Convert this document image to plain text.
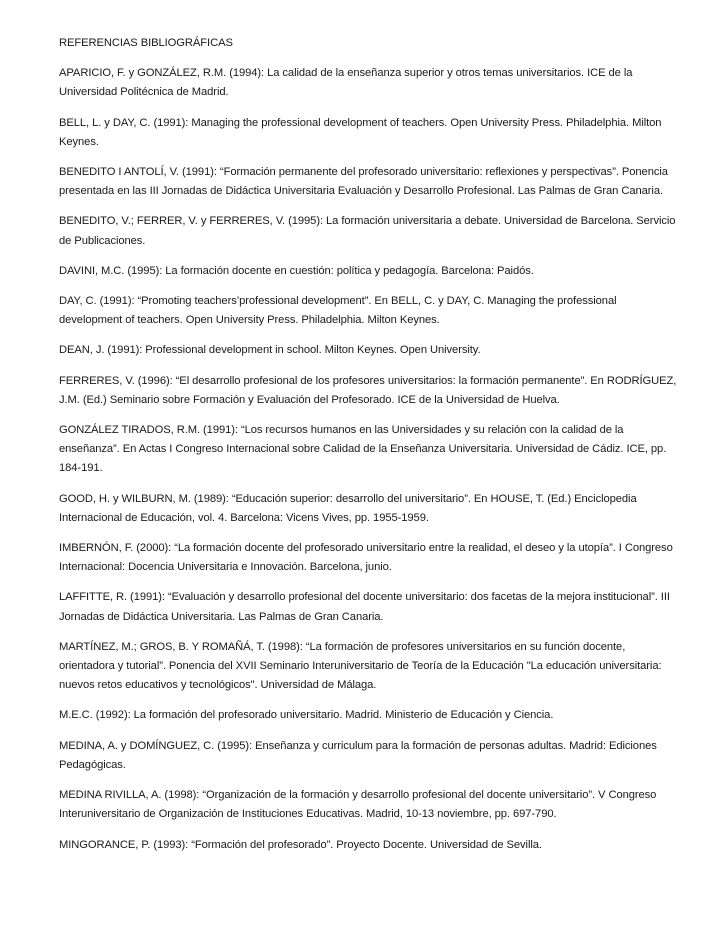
REFERENCIAS BIBLIOGRÁFICAS

APARICIO, F. y GONZÁLEZ, R.M. (1994): La calidad de la enseñanza superior y otros temas universitarios. ICE de la Universidad Politécnica de Madrid.

BELL, L. y DAY, C. (1991): Managing the professional development of teachers. Open University Press. Philadelphia. Milton Keynes.

BENEDITO I ANTOLÍ, V. (1991): “Formación permanente del profesorado universitario: reflexiones y perspectivas”. Ponencia presentada en las III Jornadas de Didáctica Universitaria Evaluación y Desarrollo Profesional. Las Palmas de Gran Canaria.

BENEDITO, V.; FERRER, V. y FERRERES, V. (1995): La formación universitaria a debate. Universidad de Barcelona. Servicio de Publicaciones.

DAVINI, M.C. (1995): La formación docente en cuestión: política y pedagogía. Barcelona: Paidós.

DAY, C. (1991): “Promoting teachers’professional development”. En BELL, C. y DAY, C. Managing the professional development of teachers. Open University Press. Philadelphia. Milton Keynes.

DEAN, J. (1991): Professional development in school. Milton Keynes. Open University.

FERRERES, V. (1996): “El desarrollo profesional de los profesores universitarios: la formación permanente”. En RODRÍGUEZ, J.M. (Ed.) Seminario sobre Formación y Evaluación del Profesorado. ICE de la Universidad de Huelva.

GONZÁLEZ TIRADOS, R.M. (1991): “Los recursos humanos en las Universidades y su relación con la calidad de la enseñanza”. En Actas I Congreso Internacional sobre Calidad de la Enseñanza Universitaria. Universidad de Cádiz. ICE, pp. 184-191.

GOOD, H. y WILBURN, M. (1989): “Educación superior: desarrollo del universitario”. En HOUSE, T. (Ed.) Enciclopedia Internacional de Educación, vol. 4. Barcelona: Vicens Vives, pp. 1955-1959.

IMBERNÓN, F. (2000): “La formación docente del profesorado universitario entre la realidad, el deseo y la utopía”. I Congreso Internacional: Docencia Universitaria e Innovación. Barcelona, junio.

LAFFITTE, R. (1991): “Evaluación y desarrollo profesional del docente universitario: dos facetas de la mejora institucional”. III Jornadas de Didáctica Universitaria. Las Palmas de Gran Canaria.

MARTÍNEZ, M.; GROS, B. Y ROMAÑÁ, T. (1998): “La formación de profesores universitarios en su función docente, orientadora y tutorial”. Ponencia del XVII Seminario Interuniversitario de Teoría de la Educación "La educación universitaria: nuevos retos educativos y tecnológicos". Universidad de Málaga.

M.E.C. (1992): La formación del profesorado universitario. Madrid. Ministerio de Educación y Ciencia.

MEDINA, A. y DOMÍNGUEZ, C. (1995): Enseñanza y curriculum para la formación de personas adultas. Madrid: Ediciones Pedagógicas.

MEDINA RIVILLA, A. (1998): “Organización de la formación y desarrollo profesional del docente universitario”. V Congreso Interuniversitario de Organización de Instituciones Educativas. Madrid, 10-13 noviembre, pp. 697-790.

MINGORANCE, P. (1993): “Formación del profesorado”. Proyecto Docente. Universidad de Sevilla.
